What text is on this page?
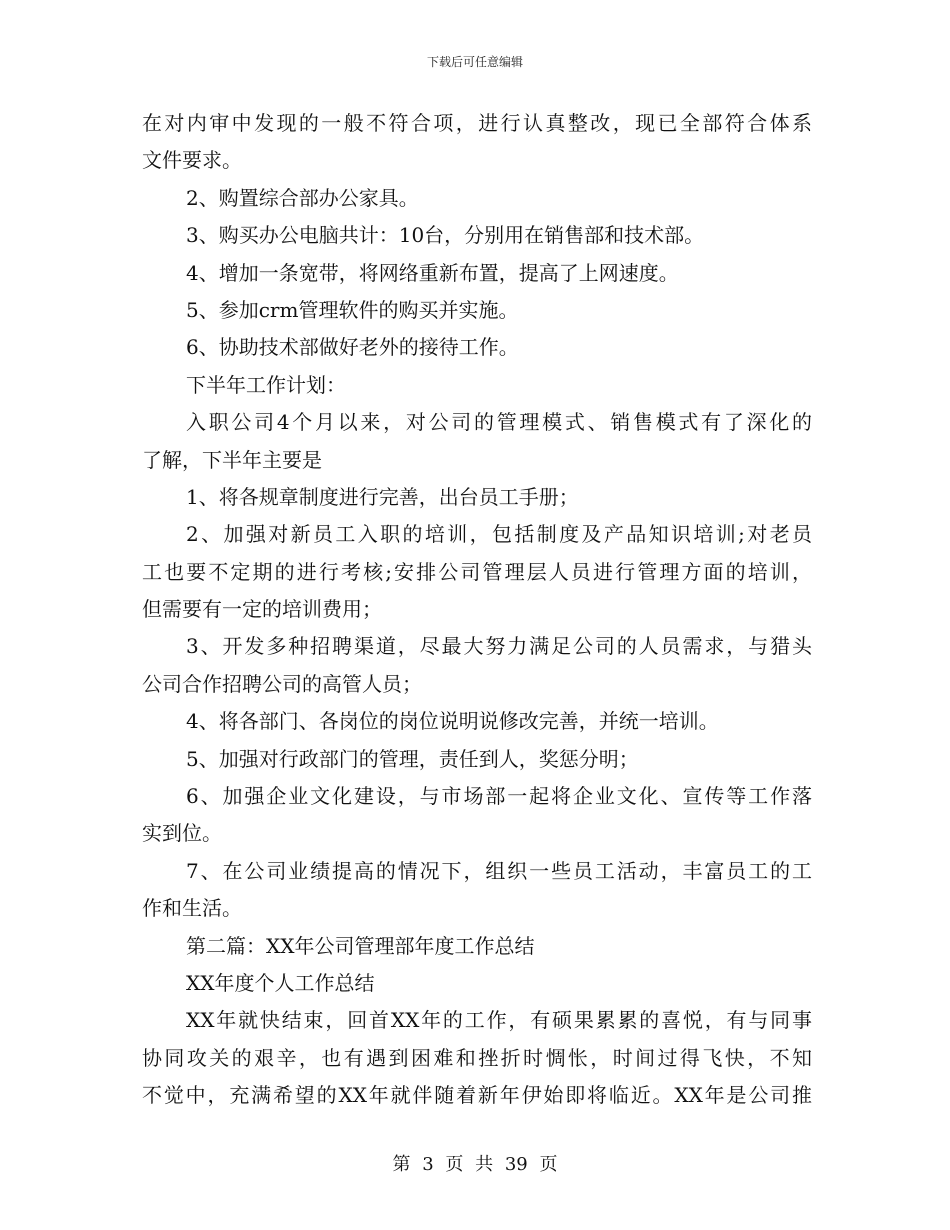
下载后可任意编辑
在对内审中发现的一般不符合项，进行认真整改，现已全部符合体系
文件要求。
2、购置综合部办公家具。
3、购买办公电脑共计：10台，分别用在销售部和技术部。
4、增加一条宽带，将网络重新布置，提高了上网速度。
5、参加crm管理软件的购买并实施。
6、协助技术部做好老外的接待工作。
下半年工作计划：
入职公司4个月以来，对公司的管理模式、销售模式有了深化的
了解，下半年主要是
1、将各规章制度进行完善，出台员工手册；
2、加强对新员工入职的培训，包括制度及产品知识培训;对老员
工也要不定期的进行考核;安排公司管理层人员进行管理方面的培训，
但需要有一定的培训费用；
3、开发多种招聘渠道，尽最大努力满足公司的人员需求，与猎头
公司合作招聘公司的高管人员；
4、将各部门、各岗位的岗位说明说修改完善，并统一培训。
5、加强对行政部门的管理，责任到人，奖惩分明；
6、加强企业文化建设，与市场部一起将企业文化、宣传等工作落
实到位。
7、在公司业绩提高的情况下，组织一些员工活动，丰富员工的工
作和生活。
第二篇：XX年公司管理部年度工作总结
XX年度个人工作总结
XX年就快结束，回首XX年的工作，有硕果累累的喜悦，有与同事
协同攻关的艰辛，也有遇到困难和挫折时惆怅，时间过得飞快，不知
不觉中，充满希望的XX年就伴随着新年伊始即将临近。XX年是公司推
第 3 页 共 39 页
